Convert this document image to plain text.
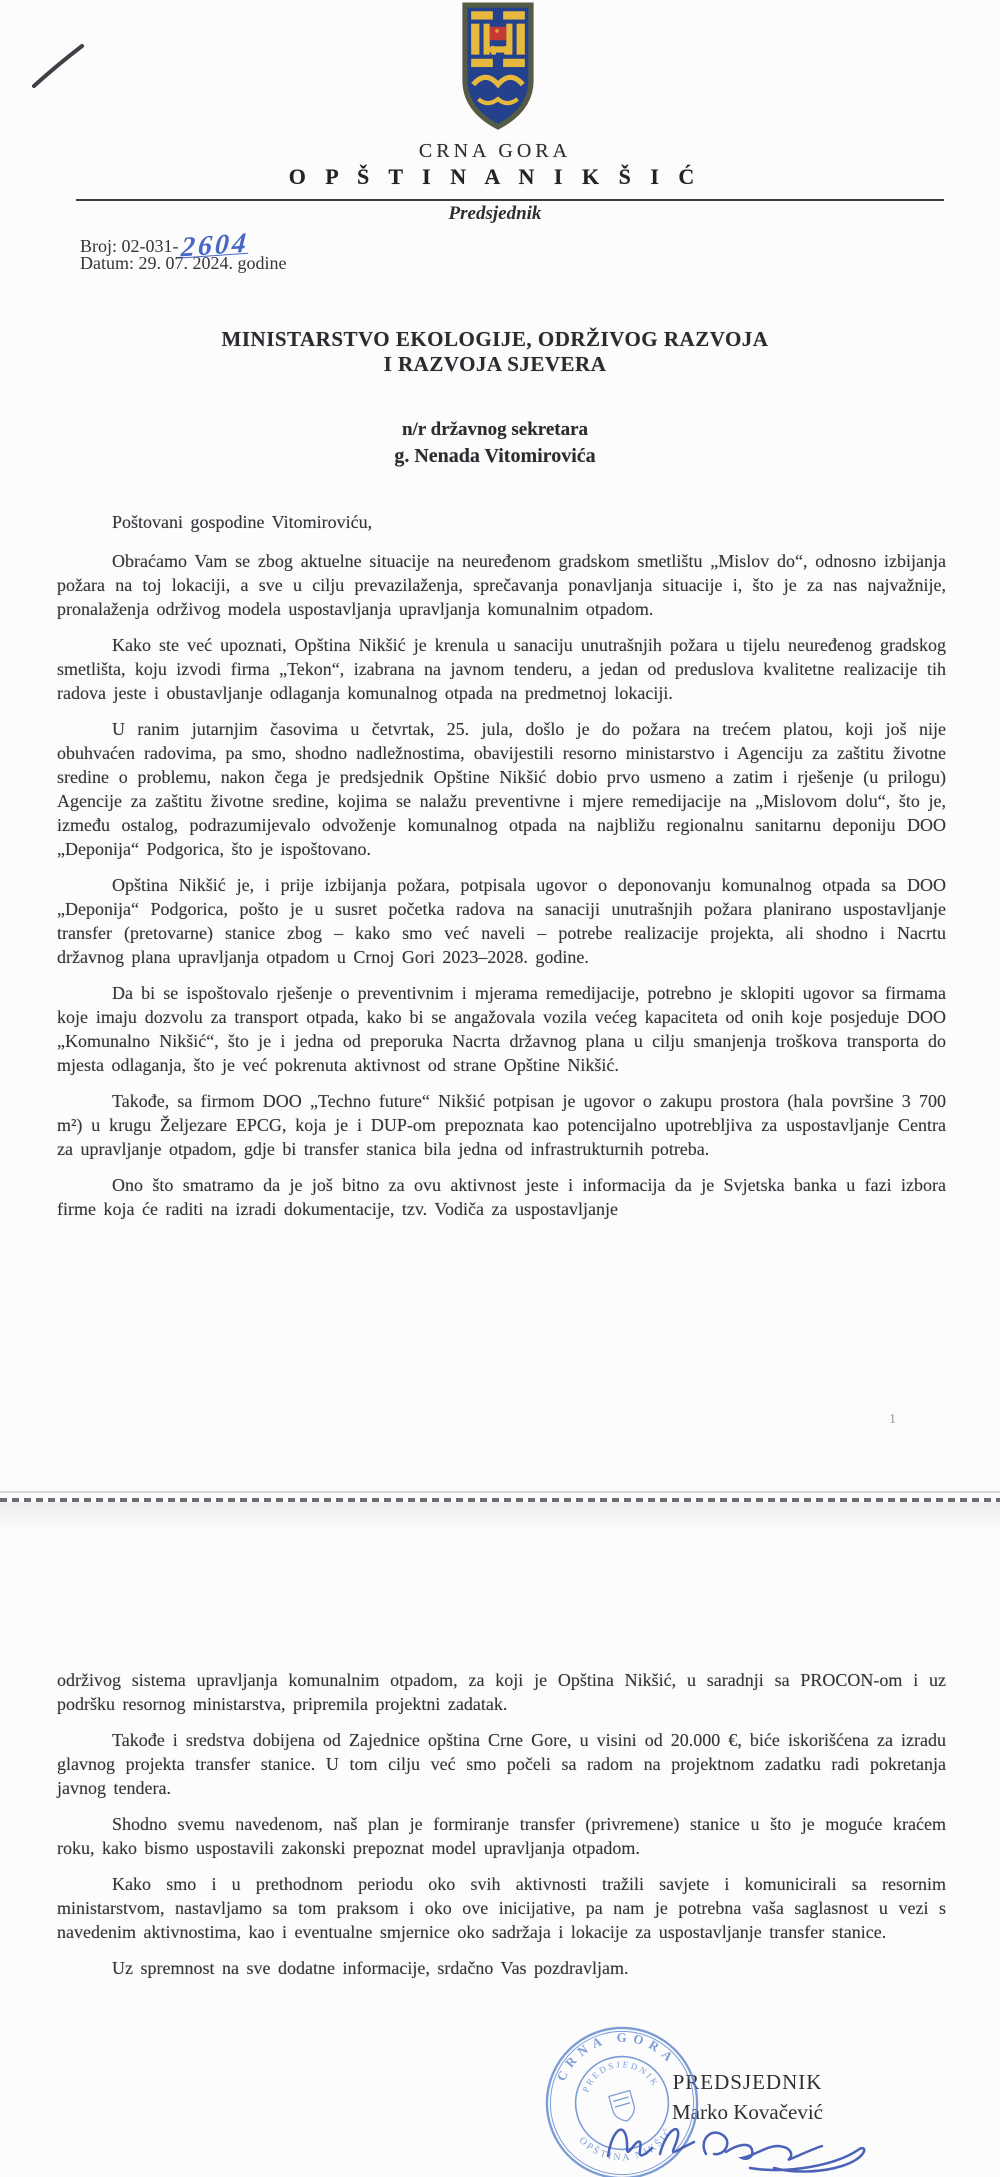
CRNA GORA
O P Š T I N A N I K Š I Ć
Predsjednik
Broj: 02-031-2604
Datum: 29. 07. 2024. godine
MINISTARSTVO EKOLOGIJE, ODRŽIVOG RAZVOJA
I RAZVOJA SJEVERA
n/r državnog sekretara
g. Nenada Vitomirovića

Poštovani gospodine Vitomiroviću,

Obraćamo Vam se zbog aktuelne situacije na neuređenom gradskom smetlištu „Mislov do“, odnosno izbijanja požara na toj lokaciji, a sve u cilju prevazilaženja, sprečavanja ponavljanja situacije i, što je za nas najvažnije, pronalaženja održivog modela uspostavljanja upravljanja komunalnim otpadom.

Kako ste već upoznati, Opština Nikšić je krenula u sanaciju unutrašnjih požara u tijelu neuređenog gradskog smetlišta, koju izvodi firma „Tekon“, izabrana na javnom tenderu, a jedan od preduslova kvalitetne realizacije tih radova jeste i obustavljanje odlaganja komunalnog otpada na predmetnoj lokaciji.

U ranim jutarnjim časovima u četvrtak, 25. jula, došlo je do požara na trećem platou, koji još nije obuhvaćen radovima, pa smo, shodno nadležnostima, obavijestili resorno ministarstvo i Agenciju za zaštitu životne sredine o problemu, nakon čega je predsjednik Opštine Nikšić dobio prvo usmeno a zatim i rješenje (u prilogu) Agencije za zaštitu životne sredine, kojima se nalažu preventivne i mjere remedijacije na „Mislovom dolu“, što je, između ostalog, podrazumijevalo odvoženje komunalnog otpada na najbližu regionalnu sanitarnu deponiju DOO „Deponija“ Podgorica, što je ispoštovano.

Opština Nikšić je, i prije izbijanja požara, potpisala ugovor o deponovanju komunalnog otpada sa DOO „Deponija“ Podgorica, pošto je u susret početka radova na sanaciji unutrašnjih požara planirano uspostavljanje transfer (pretovarne) stanice zbog – kako smo već naveli – potrebe realizacije projekta, ali shodno i Nacrtu državnog plana upravljanja otpadom u Crnoj Gori 2023–2028. godine.

Da bi se ispoštovalo rješenje o preventivnim i mjerama remedijacije, potrebno je sklopiti ugovor sa firmama koje imaju dozvolu za transport otpada, kako bi se angažovala vozila većeg kapaciteta od onih koje posjeduje DOO „Komunalno Nikšić“, što je i jedna od preporuka Nacrta državnog plana u cilju smanjenja troškova transporta do mjesta odlaganja, što je već pokrenuta aktivnost od strane Opštine Nikšić.

Takođe, sa firmom DOO „Techno future“ Nikšić potpisan je ugovor o zakupu prostora (hala površine 3 700 m²) u krugu Željezare EPCG, koja je i DUP-om prepoznata kao potencijalno upotrebljiva za uspostavljanje Centra za upravljanje otpadom, gdje bi transfer stanica bila jedna od infrastrukturnih potreba.

Ono što smatramo da je još bitno za ovu aktivnost jeste i informacija da je Svjetska banka u fazi izbora firme koja će raditi na izradi dokumentacije, tzv. Vodiča za uspostavljanje

1

održivog sistema upravljanja komunalnim otpadom, za koji je Opština Nikšić, u saradnji sa PROCON-om i uz podršku resornog ministarstva, pripremila projektni zadatak.

Takođe i sredstva dobijena od Zajednice opština Crne Gore, u visini od 20.000 €, biće iskorišćena za izradu glavnog projekta transfer stanice. U tom cilju već smo počeli sa radom na projektnom zadatku radi pokretanja javnog tendera.

Shodno svemu navedenom, naš plan je formiranje transfer (privremene) stanice u što je moguće kraćem roku, kako bismo uspostavili zakonski prepoznat model upravljanja otpadom.

Kako smo i u prethodnom periodu oko svih aktivnosti tražili savjete i komunicirali sa resornim ministarstvom, nastavljamo sa tom praksom i oko ove inicijative, pa nam je potrebna vaša saglasnost u vezi s navedenim aktivnostima, kao i eventualne smjernice oko sadržaja i lokacije za uspostavljanje transfer stanice.

Uz spremnost na sve dodatne informacije, srdačno Vas pozdravljam.

PREDSJEDNIK
Marko Kovačević
CRNA GORA
OPŠTINA NIKŠIĆ
PREDSJEDNIK
